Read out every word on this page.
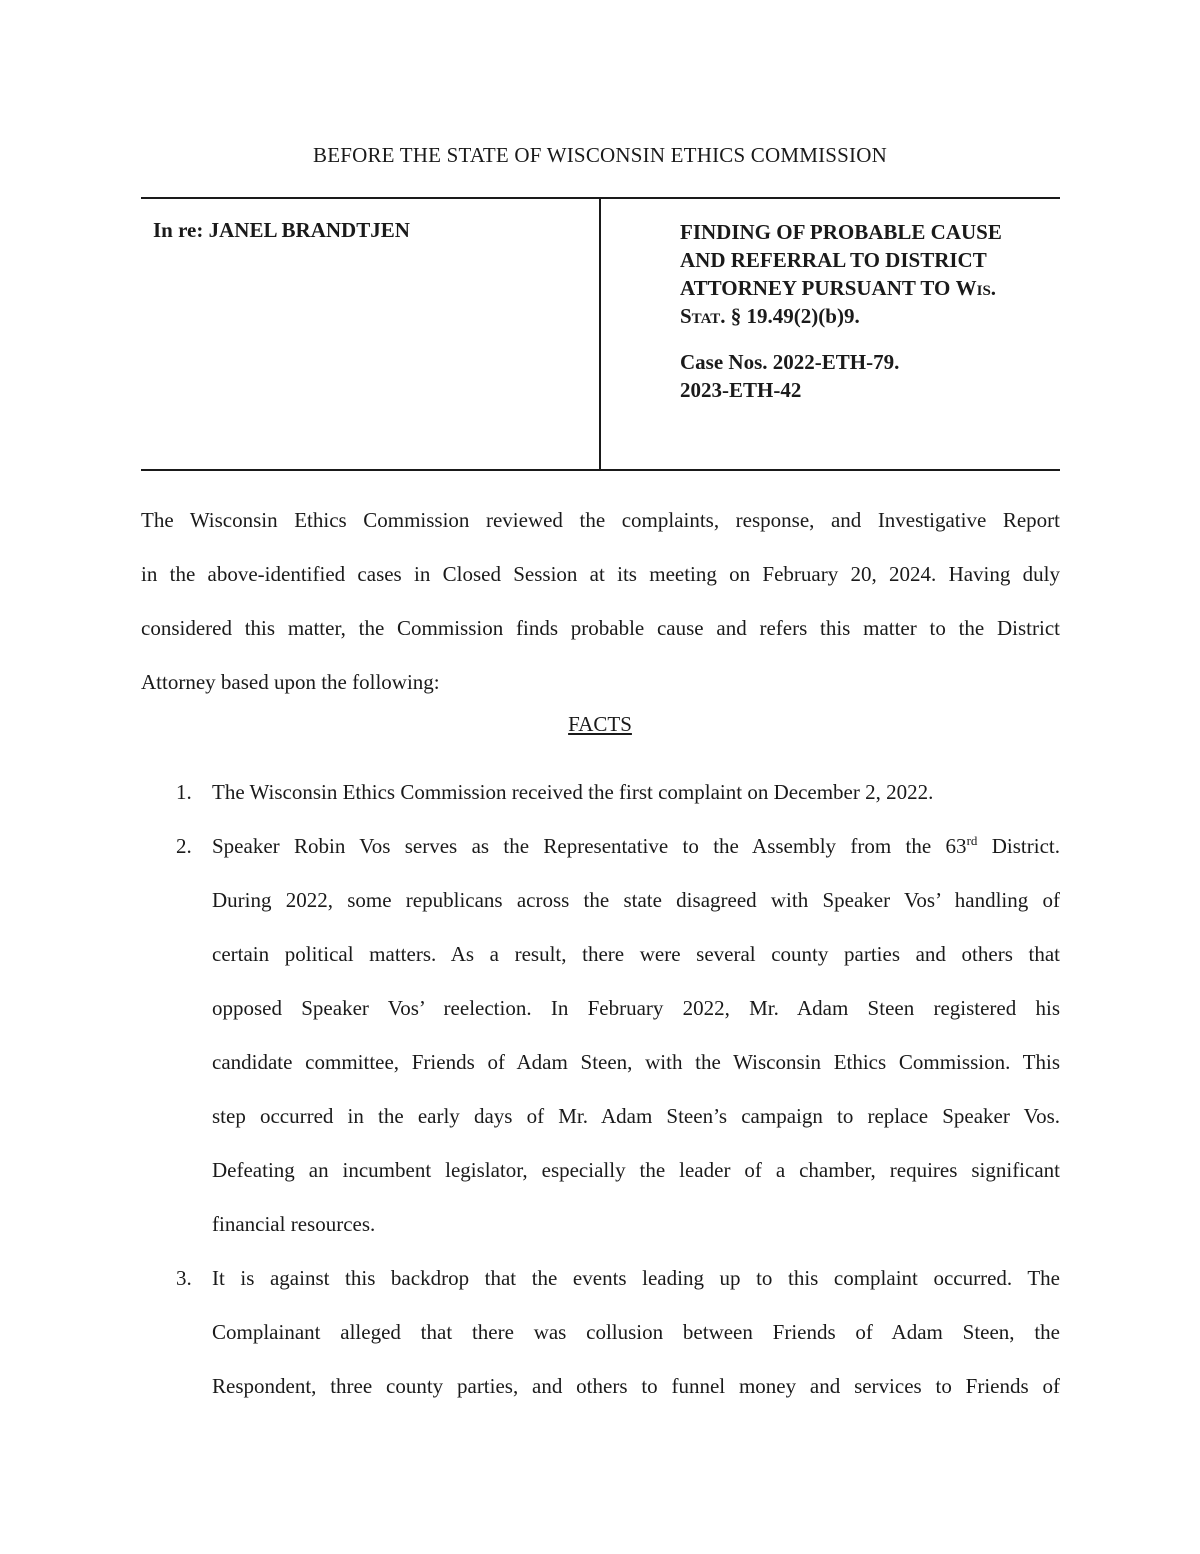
BEFORE THE STATE OF WISCONSIN ETHICS COMMISSION
In re: JANEL BRANDTJEN	FINDING OF PROBABLE CAUSE
AND REFERRAL TO DISTRICT
ATTORNEY PURSUANT TO Wis.
Stat. § 19.49(2)(b)9.
Case Nos. 2022-ETH-79.
2023-ETH-42
The Wisconsin Ethics Commission reviewed the complaints, response, and Investigative Report
in the above-identified cases in Closed Session at its meeting on February 20, 2024. Having duly
considered this matter, the Commission finds probable cause and refers this matter to the District
Attorney based upon the following:
FACTS
1. The Wisconsin Ethics Commission received the first complaint on December 2, 2022.
2. Speaker Robin Vos serves as the Representative to the Assembly from the 63rd District.
During 2022, some republicans across the state disagreed with Speaker Vos’ handling of
certain political matters. As a result, there were several county parties and others that
opposed Speaker Vos’ reelection. In February 2022, Mr. Adam Steen registered his
candidate committee, Friends of Adam Steen, with the Wisconsin Ethics Commission. This
step occurred in the early days of Mr. Adam Steen’s campaign to replace Speaker Vos.
Defeating an incumbent legislator, especially the leader of a chamber, requires significant
financial resources.
3. It is against this backdrop that the events leading up to this complaint occurred. The
Complainant alleged that there was collusion between Friends of Adam Steen, the
Respondent, three county parties, and others to funnel money and services to Friends of
